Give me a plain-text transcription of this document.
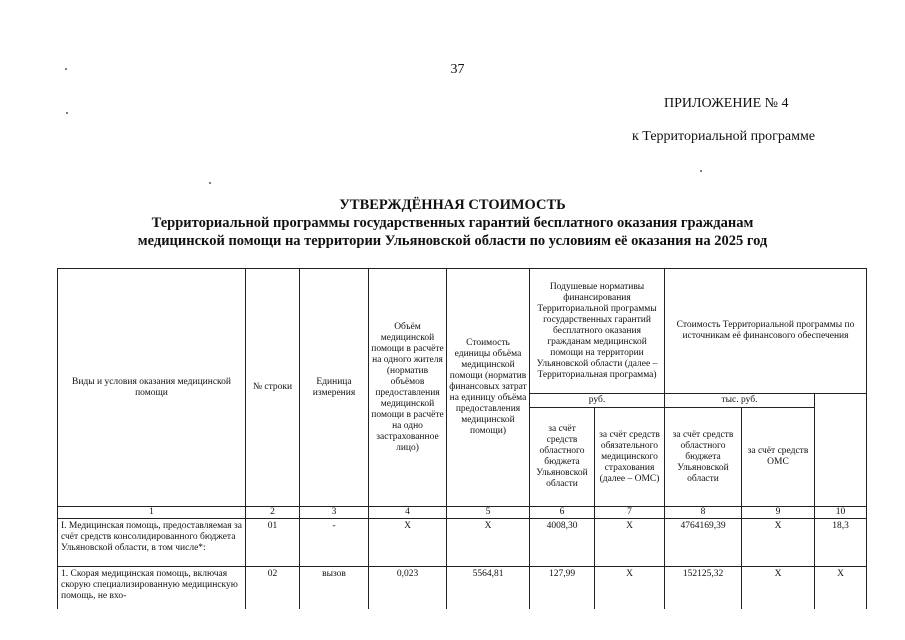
37
ПРИЛОЖЕНИЕ № 4
к Территориальной программе
УТВЕРЖДЁННАЯ СТОИМОСТЬ
Территориальной программы государственных гарантий бесплатного оказания гражданам
медицинской помощи на территории Ульяновской области по условиям её оказания на 2025 год
Виды и условия оказания медицинской помощи	№ строки	Единица измерения	Объём медицинской помощи в расчёте на одного жителя (норматив объёмов предоставления медицинской помощи в расчёте на одно застрахованное лицо)	Стоимость единицы объёма медицинской помощи (норматив финансовых затрат на единицу объёма предоставления медицинской помощи)	Подушевые нормативы финансирования Территориальной программы государственных гарантий бесплатного оказания гражданам медицинской помощи на территории Ульяновской области (далее – Территориальная программа)		Стоимость Территориальной программы по источникам её финансового обеспечения		
					руб.		тыс. руб.		
					за счёт средств областного бюджета Ульяновской области	за счёт средств обязательного медицинского страхования (далее – ОМС)	за счёт средств областного бюджета Ульяновской области	за счёт средств ОМС	
1	2	3	4	5	6	7	8	9	10
I. Медицинская помощь, предоставляемая за счёт средств консолидированного бюджета Ульяновской области, в том числе*:	01	-	X	X	4008,30	X	4764169,39	X	18,3
1. Скорая медицинская помощь, включая скорую специализированную медицинскую помощь, не вхо-	02	вызов	0,023	5564,81	127,99	X	152125,32	X	X
